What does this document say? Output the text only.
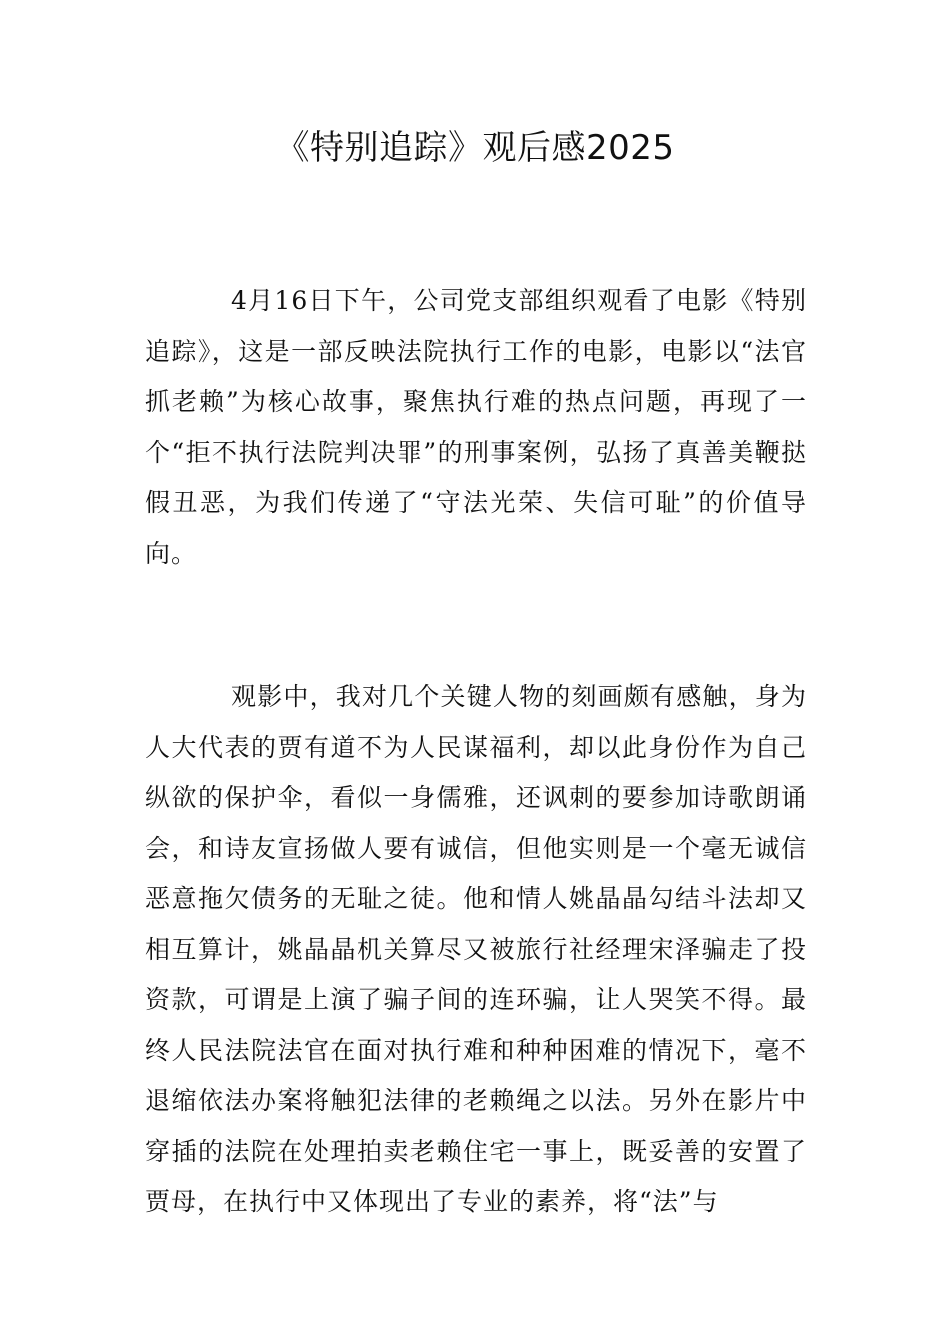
《特别追踪》观后感2025

4月16日下午，公司党支部组织观看了电影《特别追踪》，这是一部反映法院执行工作的电影，电影以“法官抓老赖”为核心故事，聚焦执行难的热点问题，再现了一个“拒不执行法院判决罪”的刑事案例，弘扬了真善美鞭挞假丑恶，为我们传递了“守法光荣、失信可耻”的价值导向。

观影中，我对几个关键人物的刻画颇有感触，身为人大代表的贾有道不为人民谋福利，却以此身份作为自己纵欲的保护伞，看似一身儒雅，还讽刺的要参加诗歌朗诵会，和诗友宣扬做人要有诚信，但他实则是一个毫无诚信恶意拖欠债务的无耻之徒。他和情人姚晶晶勾结斗法却又相互算计，姚晶晶机关算尽又被旅行社经理宋泽骗走了投资款，可谓是上演了骗子间的连环骗，让人哭笑不得。最终人民法院法官在面对执行难和种种困难的情况下，毫不退缩依法办案将触犯法律的老赖绳之以法。另外在影片中穿插的法院在处理拍卖老赖住宅一事上，既妥善的安置了贾母，在执行中又体现出了专业的素养，将“法”与
